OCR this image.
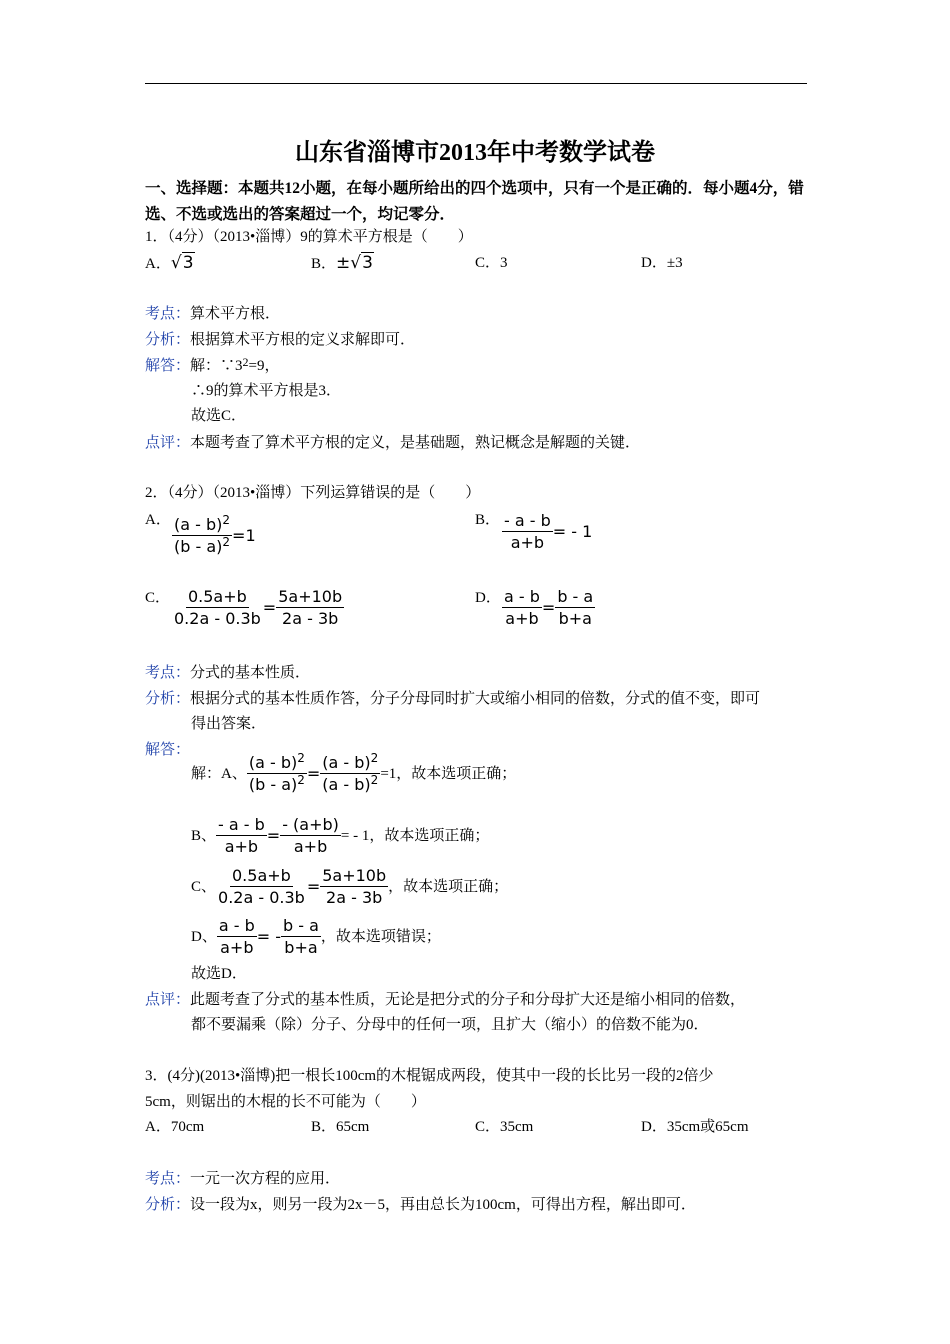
山东省淄博市2013年中考数学试卷
一、选择题：本题共12小题，在每小题所给出的四个选项中，只有一个是正确的．每小题4分，错选、不选或选出的答案超过一个，均记零分．
1．（4分）（2013•淄博）9的算术平方根是（　　）
A．√3	B．±√3	C．3	D．±3
考点：算术平方根．
分析：根据算术平方根的定义求解即可．
解答：解：$\because 3^2=9$，
∴9的算术平方根是3．
故选C．
点评：本题考查了算术平方根的定义，是基础题，熟记概念是解题的关键．
2．（4分）（2013•淄博）下列运算错误的是（　　）
A． $\frac{(a - b)^2}{(b - a)^2} =1$
B． $\frac{- a - b}{a+b}$ = - 1
C． $\frac{0.5a+b}{0.2a - 0.3b} = \frac{5a+10b}{2a - 3b}$	D． $\frac{a - b}{a+b} = \frac{b - a}{b+a}$
考点：分式的基本性质．
分析：根据分式的基本性质作答，分子分母同时扩大或缩小相同的倍数，分式的值不变，即可
得出答案．
解答：
解：A、 $\frac{(a - b)^2}{(b - a)^2} = \frac{(a - b)^2}{(a - b)^2} =1$，故本选项正确；
B、 $\frac{- a - b}{a+b} = \frac{- (a+b)}{a+b}$ = - 1，故本选项正确；
C、 $\frac{0.5a+b}{0.2a - 0.3b} = \frac{5a+10b}{2a - 3b}$ ，故本选项正确；
D、 $\frac{a - b}{a+b}$ = - $\frac{b - a}{b+a}$ ，故本选项错误；
故选D．
点评：此题考查了分式的基本性质，无论是把分式的分子和分母扩大还是缩小相同的倍数，
都不要漏乘（除）分子、分母中的任何一项，且扩大（缩小）的倍数不能为0．
3．(4分)(2013•淄博)把一根长100cm的木棍锯成两段，使其中一段的长比另一段的2倍少
5cm，则锯出的木棍的长不可能为（　　）
A．70cm	B．65cm	C．35cm	D．35cm或65cm
考点：一元一次方程的应用．
分析：设一段为x，则另一段为2x－5，再由总长为100cm，可得出方程，解出即可．
